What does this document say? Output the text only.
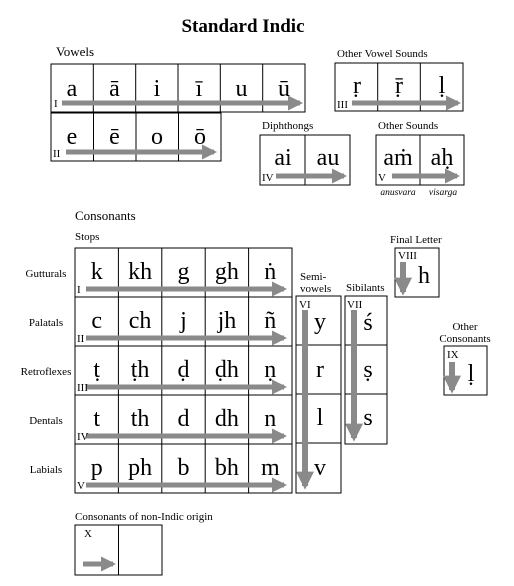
Standard Indic
Vowels
I
a ā i ī u ū
II
e ē o ō
Other Vowel Sounds
III
ṛ ṝ ḷ
Diphthongs
IV
ai au
Other Sounds
V
aṁ aḥ
anusvara visarga
Consonants
Stops
Gutturals
I
k kh g gh ṅ
Palatals
II
c ch j jh ñ
Retroflexes
III
ṭ ṭh ḍ ḍh ṇ
Dentals
IV
t th d dh n
Labials
V
p ph b bh m
Semi-
vowels
VI
y
r
l
v
Sibilants
VII
ś
ṣ
s
Final Letter
VIII
h
Other
Consonants
IX
ḷ
Consonants of non-Indic origin
X
